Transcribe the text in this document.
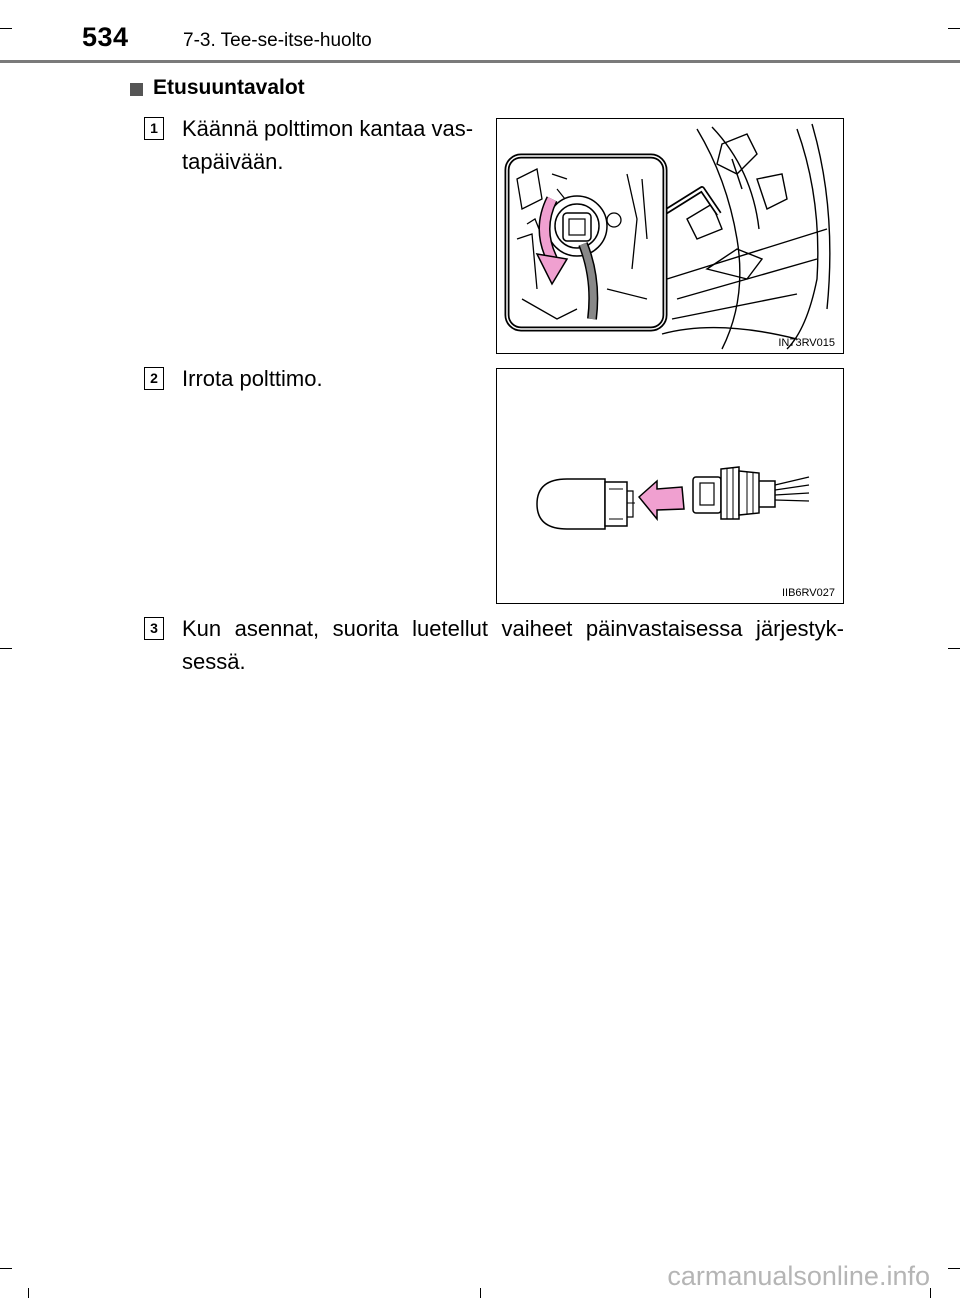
534	7-3. Tee-se-itse-huolto
Etusuuntavalot
1 Käännä polttimon kantaa vas-tapäivään.
IN73RV015
2 Irrota polttimo.
IIB6RV027
3 Kun asennat, suorita luetellut vaiheet päinvastaisessa järjestyk-sessä.
carmanualsonline.info
